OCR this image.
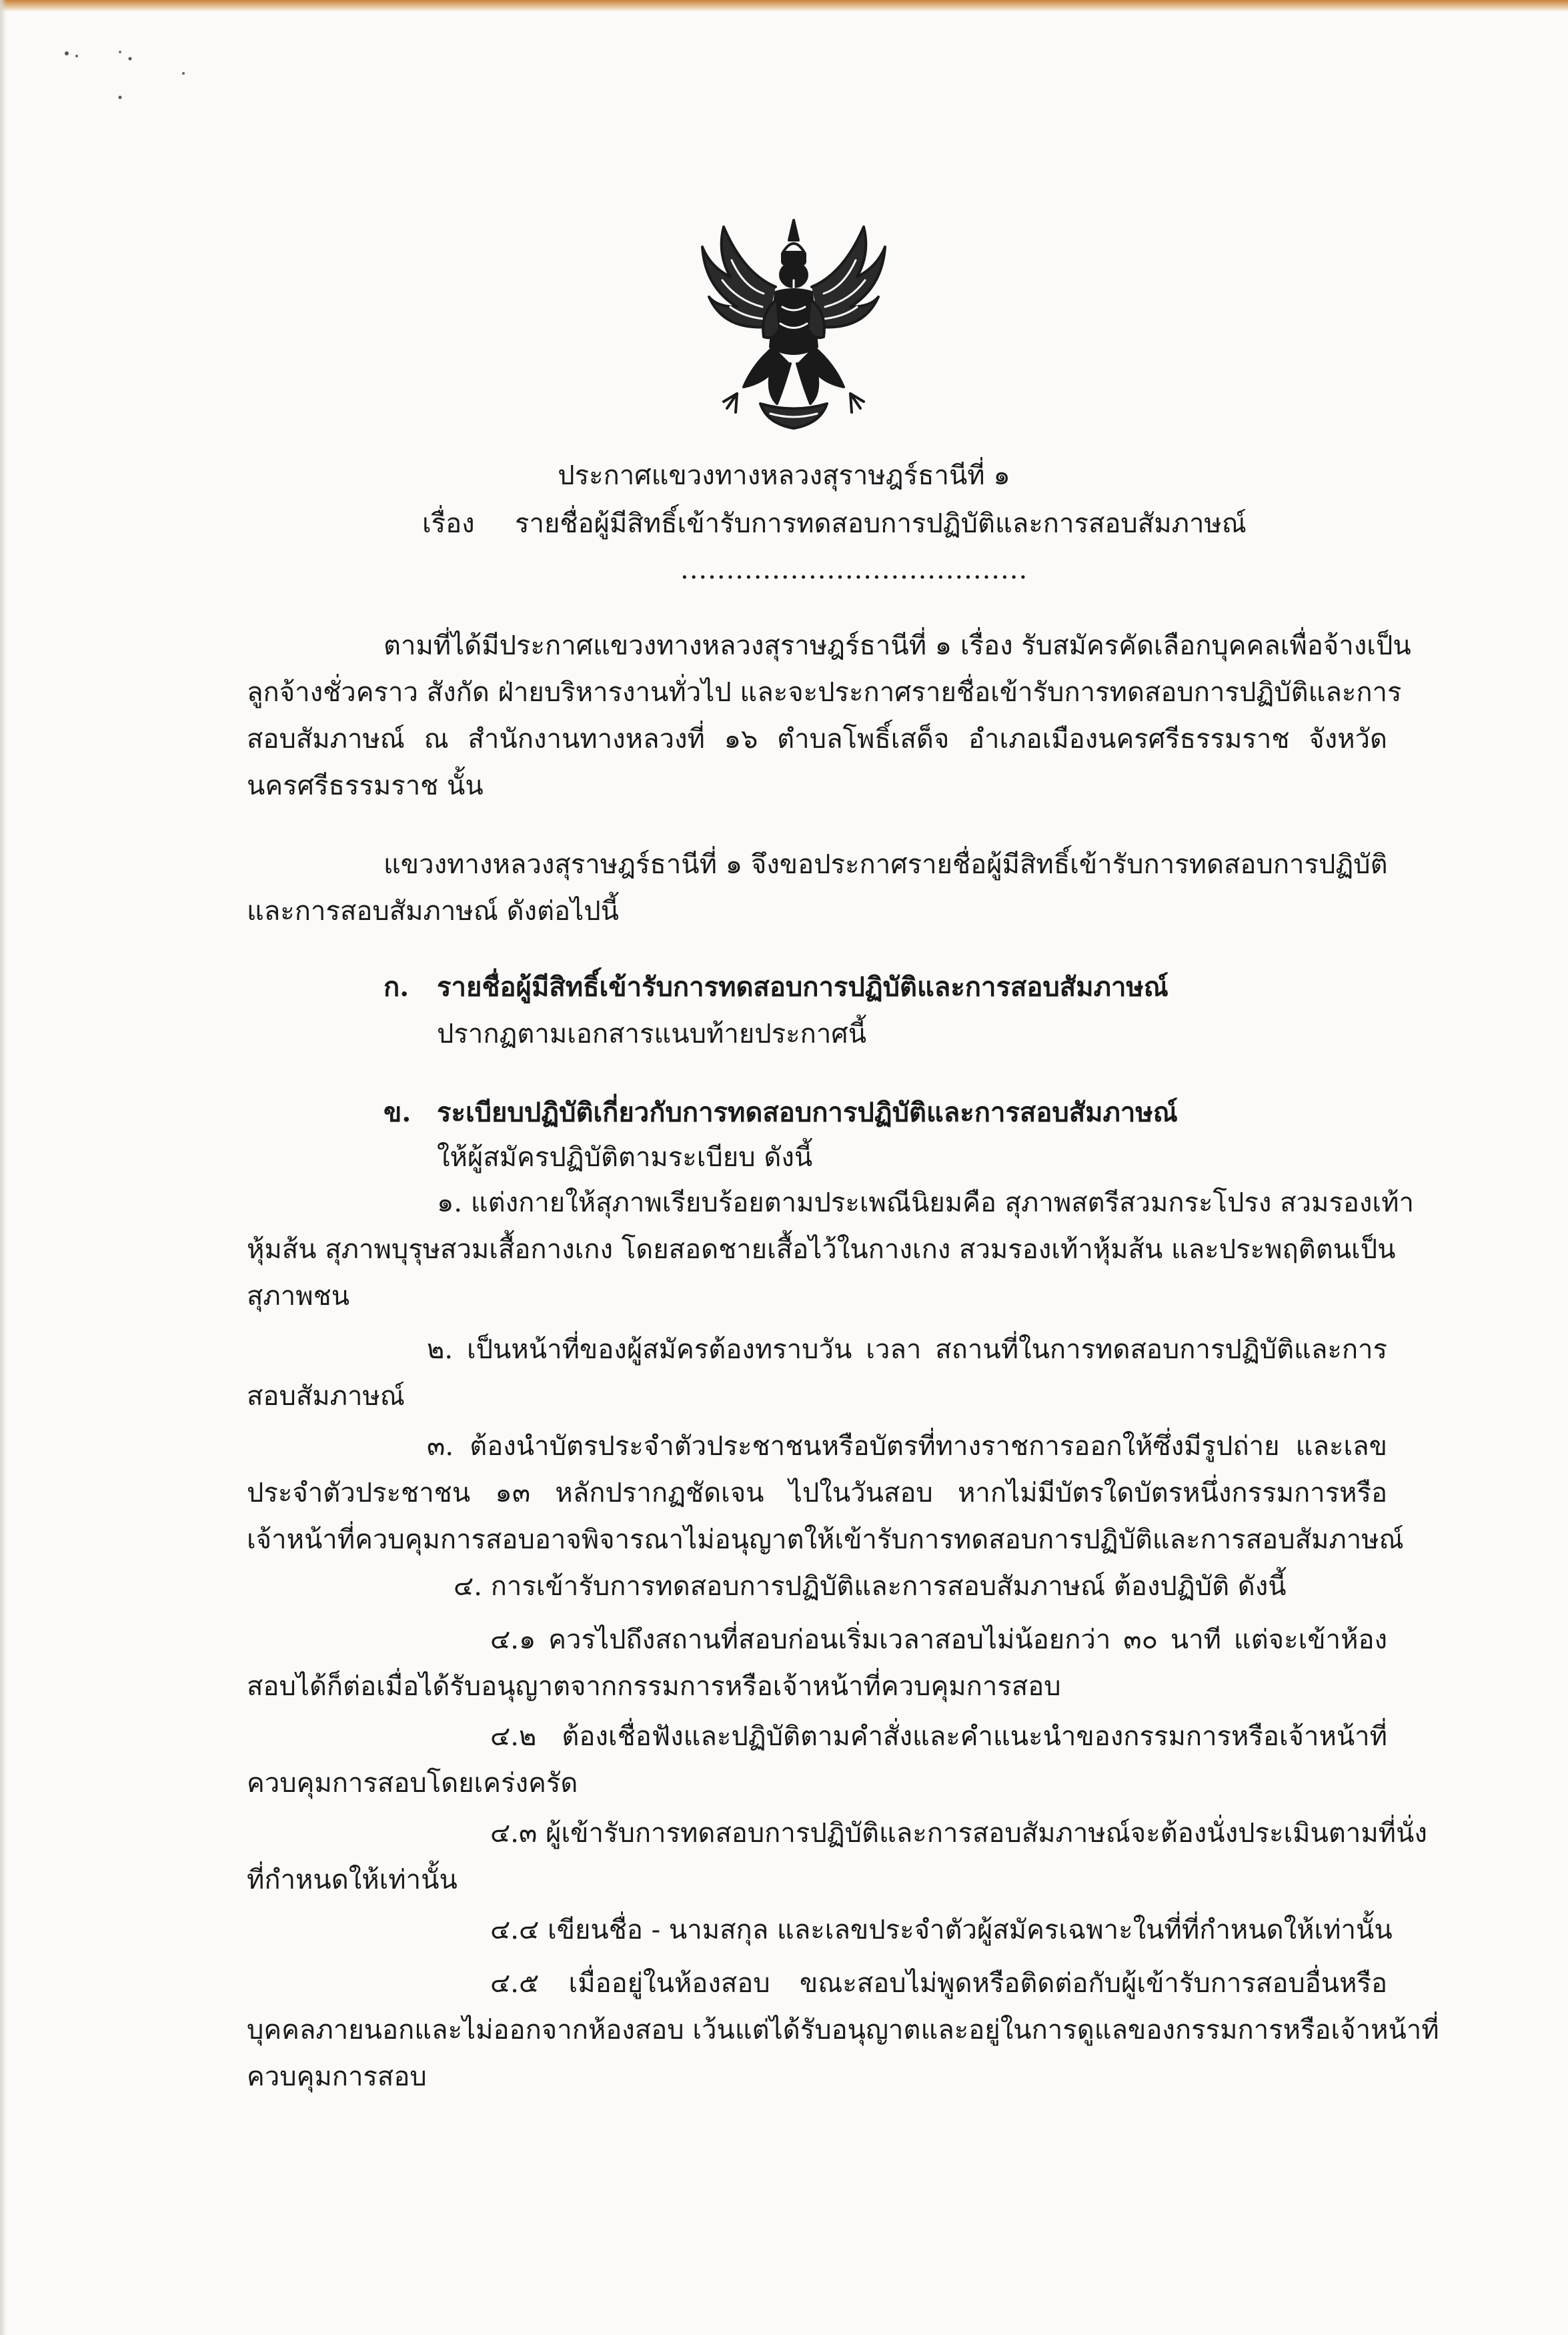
ประกาศแขวงทางหลวงสุราษฎร์ธานีที่ ๑
เรื่อง รายชื่อผู้มีสิทธิ์เข้ารับการทดสอบการปฏิบัติและการสอบสัมภาษณ์
......................................
ตามที่ได้มีประกาศแขวงทางหลวงสุราษฎร์ธานีที่ ๑ เรื่อง รับสมัครคัดเลือกบุคคลเพื่อจ้างเป็น
ลูกจ้างชั่วคราว สังกัด ฝ่ายบริหารงานทั่วไป และจะประกาศรายชื่อเข้ารับการทดสอบการปฏิบัติและการ
สอบสัมภาษณ์ ณ สำนักงานทางหลวงที่ ๑๖ ตำบลโพธิ์เสด็จ อำเภอเมืองนครศรีธรรมราช จังหวัด
นครศรีธรรมราช นั้น
แขวงทางหลวงสุราษฎร์ธานีที่ ๑ จึงขอประกาศรายชื่อผู้มีสิทธิ์เข้ารับการทดสอบการปฏิบัติ
และการสอบสัมภาษณ์ ดังต่อไปนี้
ก. รายชื่อผู้มีสิทธิ์เข้ารับการทดสอบการปฏิบัติและการสอบสัมภาษณ์
ปรากฏตามเอกสารแนบท้ายประกาศนี้
ข. ระเบียบปฏิบัติเกี่ยวกับการทดสอบการปฏิบัติและการสอบสัมภาษณ์
ให้ผู้สมัครปฏิบัติตามระเบียบ ดังนี้
๑. แต่งกายให้สุภาพเรียบร้อยตามประเพณีนิยมคือ สุภาพสตรีสวมกระโปรง สวมรองเท้า
หุ้มส้น สุภาพบุรุษสวมเสื้อกางเกง โดยสอดชายเสื้อไว้ในกางเกง สวมรองเท้าหุ้มส้น และประพฤติตนเป็น
สุภาพชน
๒. เป็นหน้าที่ของผู้สมัครต้องทราบวัน เวลา สถานที่ในการทดสอบการปฏิบัติและการ
สอบสัมภาษณ์
๓. ต้องนำบัตรประจำตัวประชาชนหรือบัตรที่ทางราชการออกให้ซึ่งมีรูปถ่าย และเลข
ประจำตัวประชาชน ๑๓ หลักปรากฏชัดเจน ไปในวันสอบ หากไม่มีบัตรใดบัตรหนึ่งกรรมการหรือ
เจ้าหน้าที่ควบคุมการสอบอาจพิจารณาไม่อนุญาตให้เข้ารับการทดสอบการปฏิบัติและการสอบสัมภาษณ์
๔. การเข้ารับการทดสอบการปฏิบัติและการสอบสัมภาษณ์ ต้องปฏิบัติ ดังนี้
๔.๑ ควรไปถึงสถานที่สอบก่อนเริ่มเวลาสอบไม่น้อยกว่า ๓๐ นาที แต่จะเข้าห้อง
สอบได้ก็ต่อเมื่อได้รับอนุญาตจากกรรมการหรือเจ้าหน้าที่ควบคุมการสอบ
๔.๒ ต้องเชื่อฟังและปฏิบัติตามคำสั่งและคำแนะนำของกรรมการหรือเจ้าหน้าที่
ควบคุมการสอบโดยเคร่งครัด
๔.๓ ผู้เข้ารับการทดสอบการปฏิบัติและการสอบสัมภาษณ์จะต้องนั่งประเมินตามที่นั่ง
ที่กำหนดให้เท่านั้น
๔.๔ เขียนชื่อ - นามสกุล และเลขประจำตัวผู้สมัครเฉพาะในที่ที่กำหนดให้เท่านั้น
๔.๕ เมื่ออยู่ในห้องสอบ ขณะสอบไม่พูดหรือติดต่อกับผู้เข้ารับการสอบอื่นหรือ
บุคคลภายนอกและไม่ออกจากห้องสอบ เว้นแต่ได้รับอนุญาตและอยู่ในการดูแลของกรรมการหรือเจ้าหน้าที่
ควบคุมการสอบ
